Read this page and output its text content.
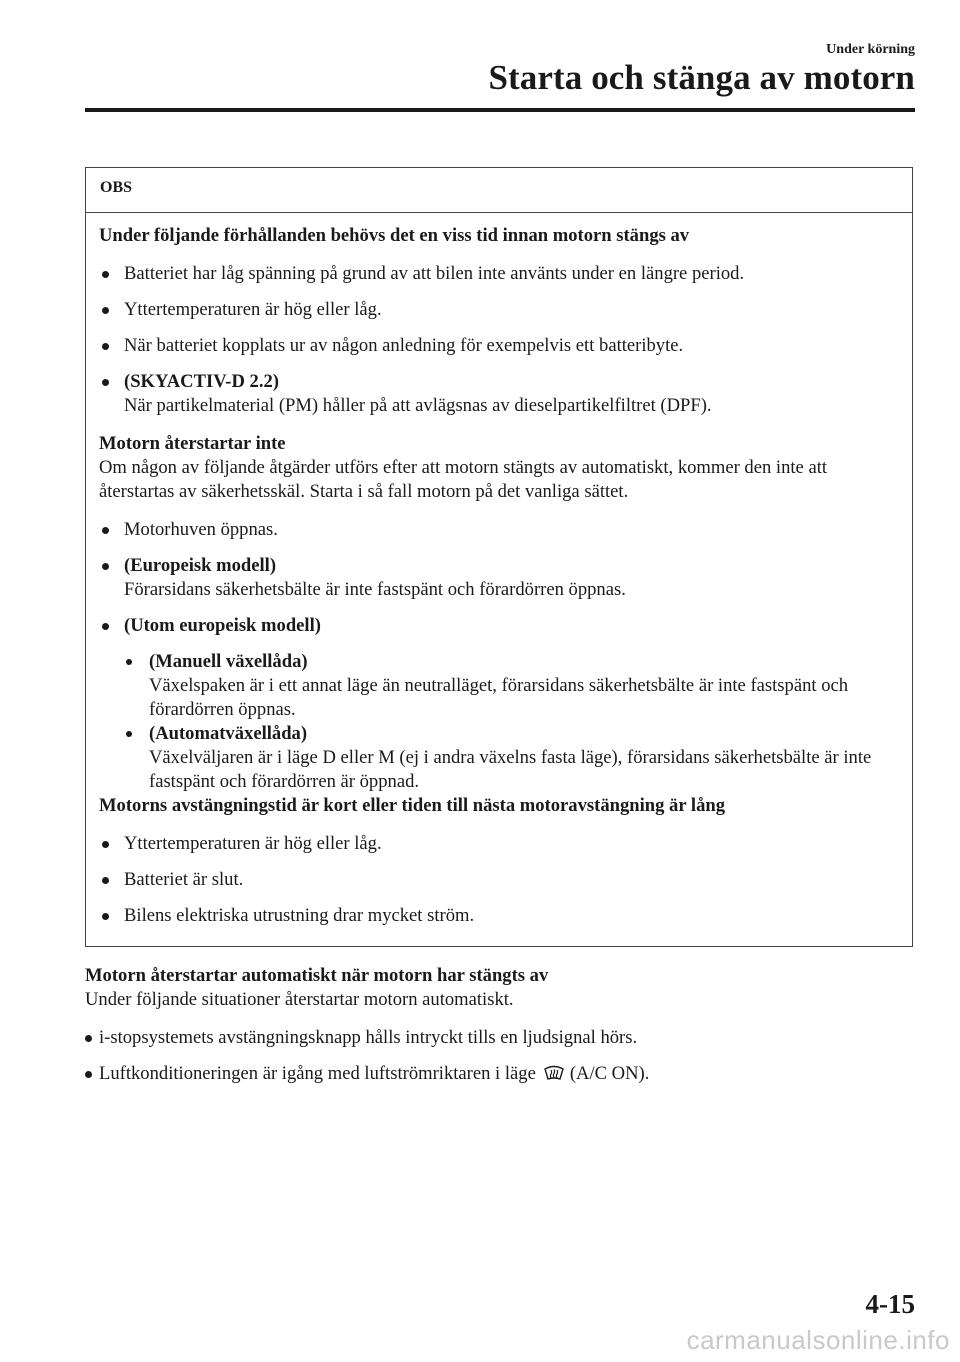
Under körning

Starta och stänga av motorn
OBS
Under följande förhållanden behövs det en viss tid innan motorn stängs av
Batteriet har låg spänning på grund av att bilen inte använts under en längre period.
Yttertemperaturen är hög eller låg.
När batteriet kopplats ur av någon anledning för exempelvis ett batteribyte.
(SKYACTIV-D 2.2)
När partikelmaterial (PM) håller på att avlägsnas av dieselpartikelfiltret (DPF).
Motorn återstartar inte
Om någon av följande åtgärder utförs efter att motorn stängts av automatiskt, kommer den inte att återstartas av säkerhetsskäl. Starta i så fall motorn på det vanliga sättet.
Motorhuven öppnas.
(Europeisk modell)
Förarsidans säkerhetsbälte är inte fastspänt och förardörren öppnas.
(Utom europeisk modell)
(Manuell växellåda)
Växelspaken är i ett annat läge än neutralläget, förarsidans säkerhetsbälte är inte fastspänt och förardörren öppnas.
(Automatväxellåda)
Växelväljaren är i läge D eller M (ej i andra växelns fasta läge), förarsidans säkerhetsbälte är inte fastspänt och förardörren är öppnad.
Motorns avstängningstid är kort eller tiden till nästa motoravstängning är lång
Yttertemperaturen är hög eller låg.
Batteriet är slut.
Bilens elektriska utrustning drar mycket ström.
Motorn återstartar automatiskt när motorn har stängts av
Under följande situationer återstartar motorn automatiskt.
i-stopsystemets avstängningsknapp hålls intryckt tills en ljudsignal hörs.
Luftkonditioneringen är igång med luftströmriktaren i läge (A/C ON).

4-15

carmanualsonline.info
